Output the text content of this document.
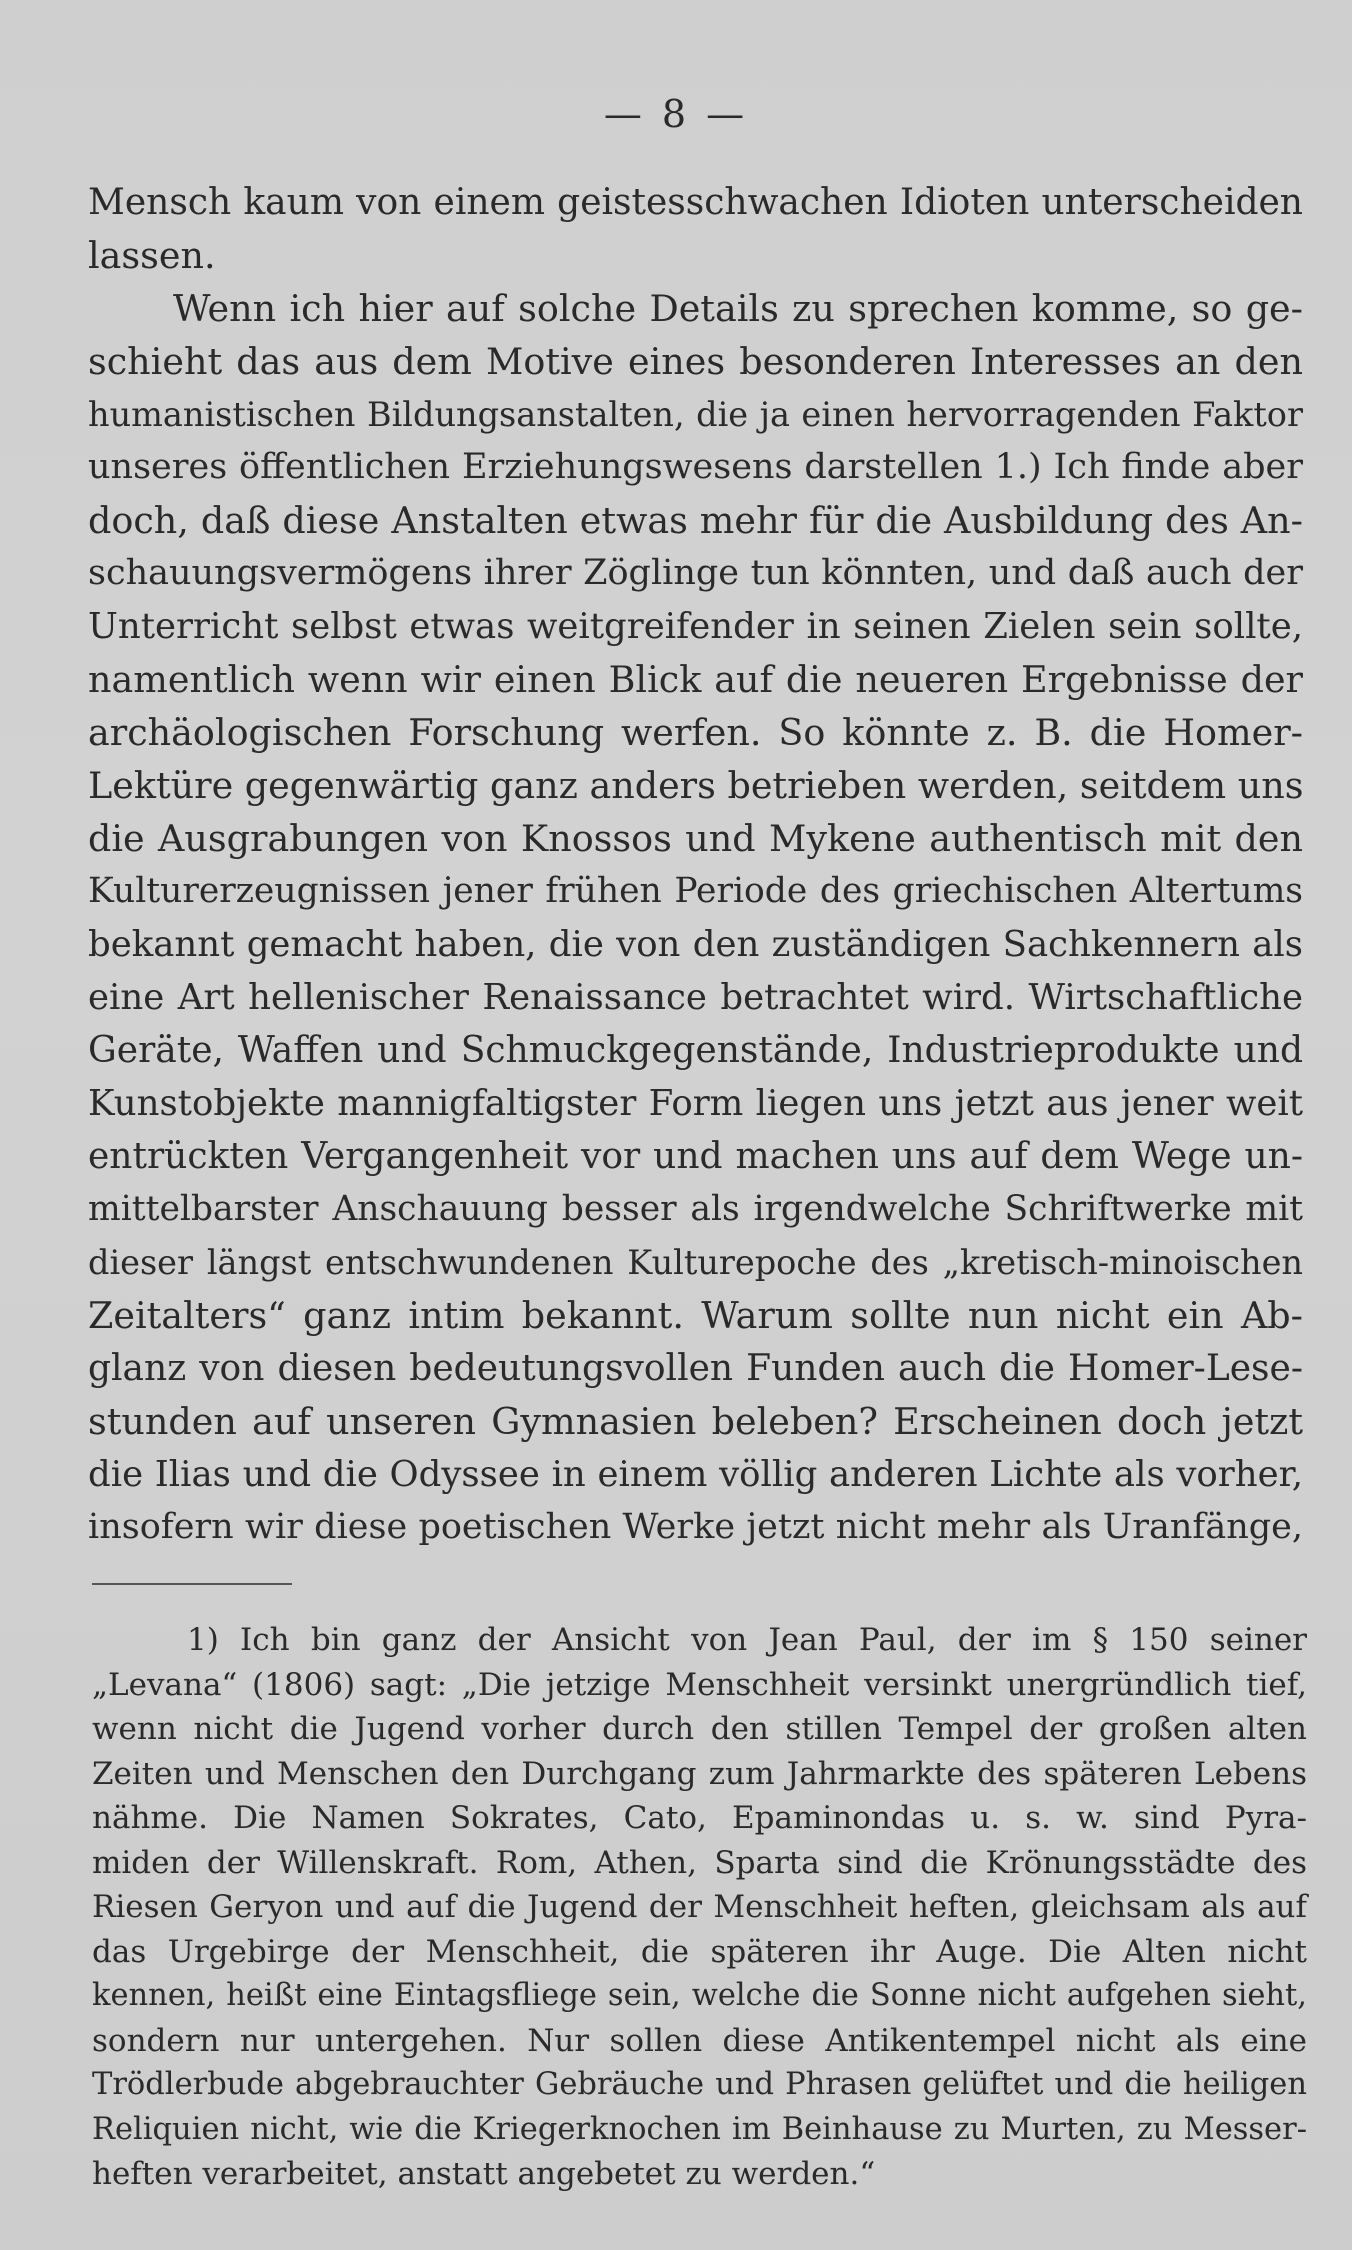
— 8 —
Mensch kaum von einem geistesschwachen Idioten unterscheiden
lassen.
Wenn ich hier auf solche Details zu sprechen komme, so ge-
schieht das aus dem Motive eines besonderen Interesses an den
humanistischen Bildungsanstalten, die ja einen hervorragenden Faktor
unseres öffentlichen Erziehungswesens darstellen 1.) Ich finde aber
doch, daß diese Anstalten etwas mehr für die Ausbildung des An-
schauungsvermögens ihrer Zöglinge tun könnten, und daß auch der
Unterricht selbst etwas weitgreifender in seinen Zielen sein sollte,
namentlich wenn wir einen Blick auf die neueren Ergebnisse der
archäologischen Forschung werfen. So könnte z. B. die Homer-
Lektüre gegenwärtig ganz anders betrieben werden, seitdem uns
die Ausgrabungen von Knossos und Mykene authentisch mit den
Kulturerzeugnissen jener frühen Periode des griechischen Altertums
bekannt gemacht haben, die von den zuständigen Sachkennern als
eine Art hellenischer Renaissance betrachtet wird. Wirtschaftliche
Geräte, Waffen und Schmuckgegenstände, Industrieprodukte und
Kunstobjekte mannigfaltigster Form liegen uns jetzt aus jener weit
entrückten Vergangenheit vor und machen uns auf dem Wege un-
mittelbarster Anschauung besser als irgendwelche Schriftwerke mit
dieser längst entschwundenen Kulturepoche des „kretisch-minoischen
Zeitalters“ ganz intim bekannt. Warum sollte nun nicht ein Ab-
glanz von diesen bedeutungsvollen Funden auch die Homer-Lese-
stunden auf unseren Gymnasien beleben? Erscheinen doch jetzt
die Ilias und die Odyssee in einem völlig anderen Lichte als vorher,
insofern wir diese poetischen Werke jetzt nicht mehr als Uranfänge,
1) Ich bin ganz der Ansicht von Jean Paul, der im § 150 seiner
„Levana“ (1806) sagt: „Die jetzige Menschheit versinkt unergründlich tief,
wenn nicht die Jugend vorher durch den stillen Tempel der großen alten
Zeiten und Menschen den Durchgang zum Jahrmarkte des späteren Lebens
nähme. Die Namen Sokrates, Cato, Epaminondas u. s. w. sind Pyra-
miden der Willenskraft. Rom, Athen, Sparta sind die Krönungsstädte des
Riesen Geryon und auf die Jugend der Menschheit heften, gleichsam als auf
das Urgebirge der Menschheit, die späteren ihr Auge. Die Alten nicht
kennen, heißt eine Eintagsfliege sein, welche die Sonne nicht aufgehen sieht,
sondern nur untergehen. Nur sollen diese Antikentempel nicht als eine
Trödlerbude abgebrauchter Gebräuche und Phrasen gelüftet und die heiligen
Reliquien nicht, wie die Kriegerknochen im Beinhause zu Murten, zu Messer-
heften verarbeitet, anstatt angebetet zu werden.“
